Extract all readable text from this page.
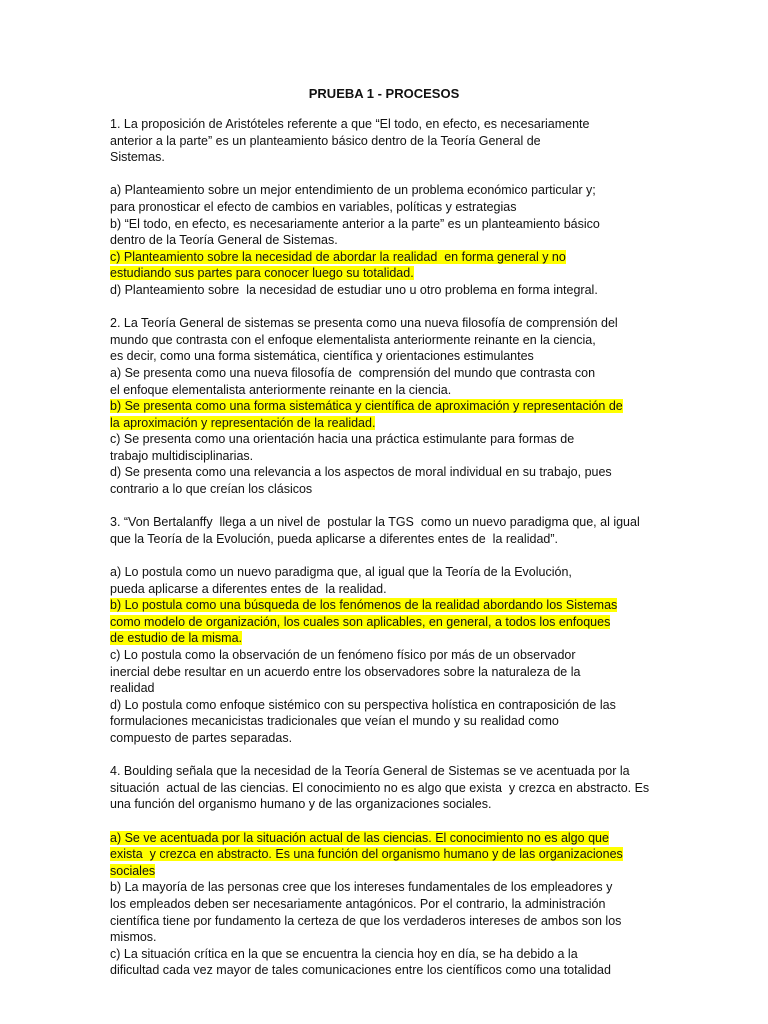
PRUEBA 1 - PROCESOS
1. La proposición de Aristóteles referente a que “El todo, en efecto, es necesariamente
anterior a la parte” es un planteamiento básico dentro de la Teoría General de
Sistemas.
a) Planteamiento sobre un mejor entendimiento de un problema económico particular y;
para pronosticar el efecto de cambios en variables, políticas y estrategias
b) “El todo, en efecto, es necesariamente anterior a la parte” es un planteamiento básico
dentro de la Teoría General de Sistemas.
c) Planteamiento sobre la necesidad de abordar la realidad  en forma general y no
estudiando sus partes para conocer luego su totalidad.
d) Planteamiento sobre  la necesidad de estudiar uno u otro problema en forma integral.
2. La Teoría General de sistemas se presenta como una nueva filosofía de comprensión del
mundo que contrasta con el enfoque elementalista anteriormente reinante en la ciencia,
es decir, como una forma sistemática, científica y orientaciones estimulantes
a) Se presenta como una nueva filosofía de  comprensión del mundo que contrasta con
el enfoque elementalista anteriormente reinante en la ciencia.
b) Se presenta como una forma sistemática y científica de aproximación y representación de
la aproximación y representación de la realidad.
c) Se presenta como una orientación hacia una práctica estimulante para formas de
trabajo multidisciplinarias.
d) Se presenta como una relevancia a los aspectos de moral individual en su trabajo, pues
contrario a lo que creían los clásicos
3. “Von Bertalanffy  llega a un nivel de  postular la TGS  como un nuevo paradigma que, al igual
que la Teoría de la Evolución, pueda aplicarse a diferentes entes de  la realidad”.
a) Lo postula como un nuevo paradigma que, al igual que la Teoría de la Evolución,
pueda aplicarse a diferentes entes de  la realidad.
b) Lo postula como una búsqueda de los fenómenos de la realidad abordando los Sistemas
como modelo de organización, los cuales son aplicables, en general, a todos los enfoques
de estudio de la misma.
c) Lo postula como la observación de un fenómeno físico por más de un observador
inercial debe resultar en un acuerdo entre los observadores sobre la naturaleza de la
realidad
d) Lo postula como enfoque sistémico con su perspectiva holística en contraposición de las
formulaciones mecanicistas tradicionales que veían el mundo y su realidad como
compuesto de partes separadas.
4. Boulding señala que la necesidad de la Teoría General de Sistemas se ve acentuada por la
situación  actual de las ciencias. El conocimiento no es algo que exista  y crezca en abstracto. Es
una función del organismo humano y de las organizaciones sociales.
a) Se ve acentuada por la situación actual de las ciencias. El conocimiento no es algo que
exista  y crezca en abstracto. Es una función del organismo humano y de las organizaciones
sociales
b) La mayoría de las personas cree que los intereses fundamentales de los empleadores y
los empleados deben ser necesariamente antagónicos. Por el contrario, la administración
científica tiene por fundamento la certeza de que los verdaderos intereses de ambos son los
mismos.
c) La situación crítica en la que se encuentra la ciencia hoy en día, se ha debido a la
dificultad cada vez mayor de tales comunicaciones entre los científicos como una totalidad
